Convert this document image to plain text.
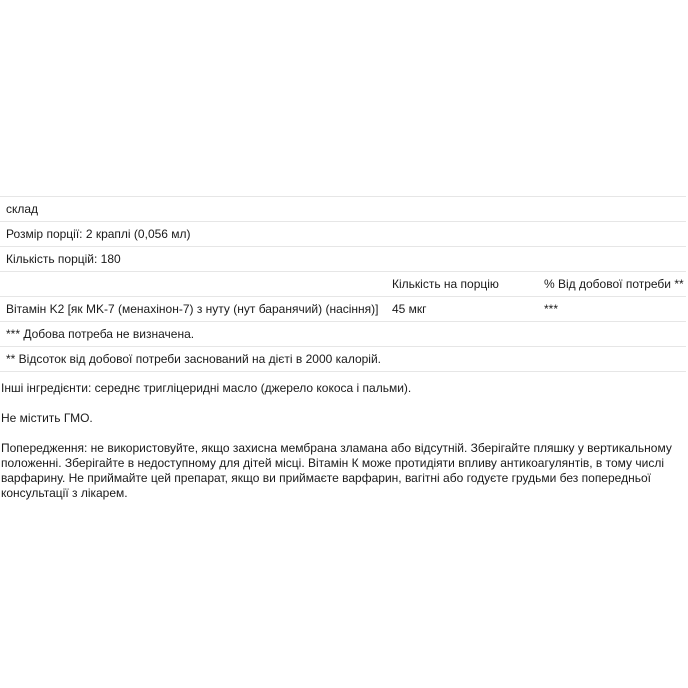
склад		
Розмір порції: 2 краплі (0,056 мл)		
Кількість порцій: 180		
	Кількість на порцію	% Від добової потреби **
Вітамін K2 [як MK-7 (менахінон-7) з нуту (нут баранячий) (насіння)]	45 мкг	***
*** Добова потреба не визначена.		
** Відсоток від добової потреби заснований на дієті в 2000 калорій.		

Інші інгредієнти: середнє тригліцеридні масло (джерело кокоса і пальми).

Не містить ГМО.

Попередження: не використовуйте, якщо захисна мембрана зламана або відсутній. Зберігайте пляшку у вертикальному положенні. Зберігайте в недоступному для дітей місці. Вітамін К може протидіяти впливу антикоагулянтів, в тому числі варфарину. Не приймайте цей препарат, якщо ви приймаєте варфарин, вагітні або годуєте грудьми без попередньої консультації з лікарем.
